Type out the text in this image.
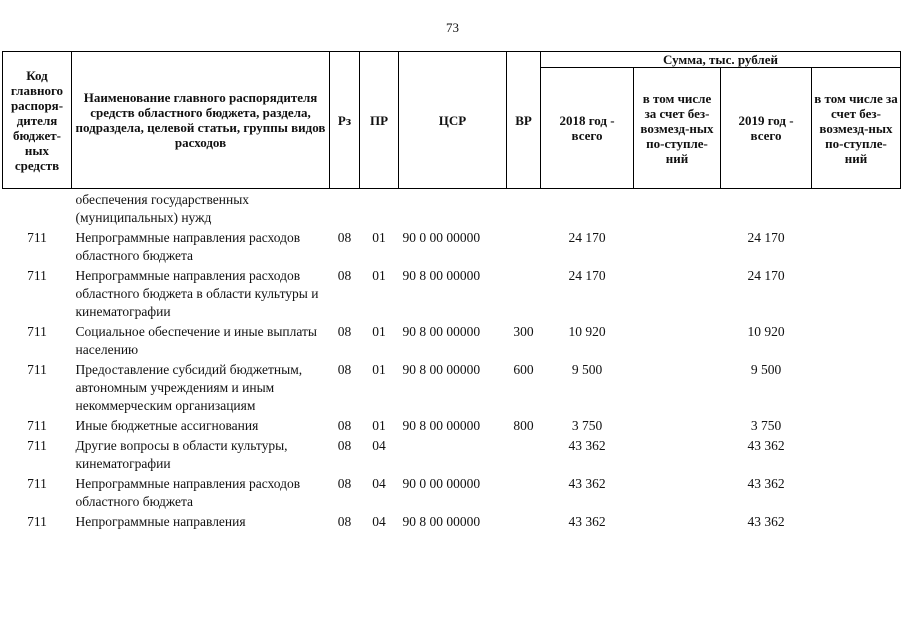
73
Код главного распоря-дителя бюджет-ных средств	Наименование главного распорядителя средств областного бюджета, раздела, подраздела, целевой статьи, группы видов расходов	Рз	ПР	ЦСР	ВР	Сумма, тыс. рублей			
						2018 год - всего	в том числе за счет без-возмезд-ных по-ступле-ний	2019 год - всего	в том числе за счет без-возмезд-ных по-ступле-ний
	обеспечения государственных (муниципальных) нужд								
711	Непрограммные направления расходов областного бюджета	08	01	90 0 00 00000		24 170		24 170	
711	Непрограммные направления расходов областного бюджета в области культуры и кинематографии	08	01	90 8 00 00000		24 170		24 170	
711	Социальное обеспечение и иные выплаты населению	08	01	90 8 00 00000	300	10 920		10 920	
711	Предоставление субсидий бюджетным, автономным учреждениям и иным некоммерческим организациям	08	01	90 8 00 00000	600	9 500		9 500	
711	Иные бюджетные ассигнования	08	01	90 8 00 00000	800	3 750		3 750	
711	Другие вопросы в области культуры, кинематографии	08	04			43 362		43 362	
711	Непрограммные направления расходов областного бюджета	08	04	90 0 00 00000		43 362		43 362	
711	Непрограммные направления	08	04	90 8 00 00000		43 362		43 362	
